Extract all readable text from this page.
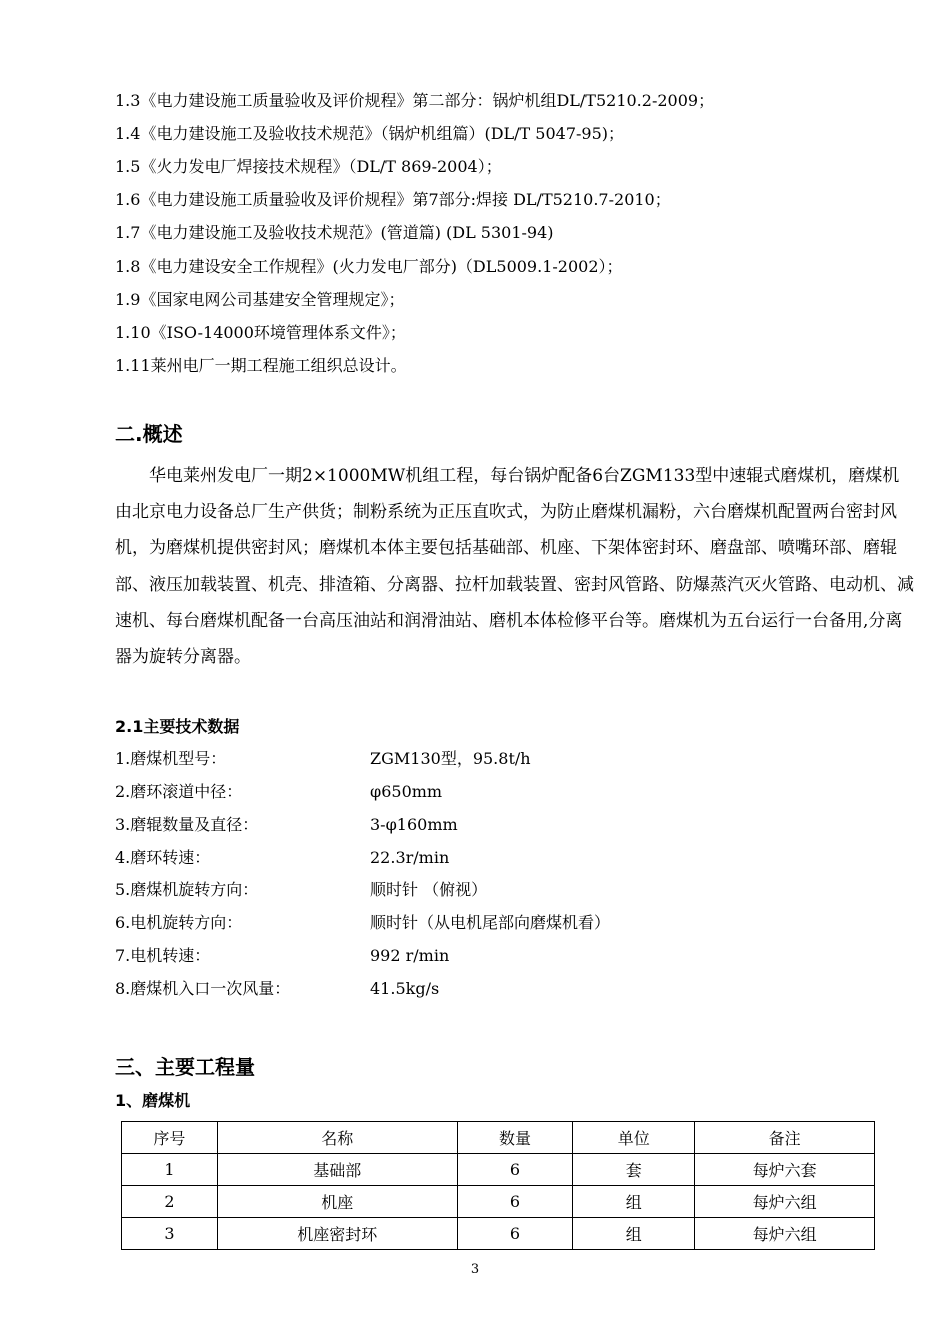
1.3《电力建设施工质量验收及评价规程》第二部分：锅炉机组DL/T5210.2-2009；
1.4《电力建设施工及验收技术规范》（锅炉机组篇）(DL/T 5047-95)；
1.5《火力发电厂焊接技术规程》（DL/T 869-2004）；
1.6《电力建设施工质量验收及评价规程》第7部分:焊接 DL/T5210.7-2010；
1.7《电力建设施工及验收技术规范》(管道篇) (DL 5301-94)
1.8《电力建设安全工作规程》(火力发电厂部分)（DL5009.1-2002）；
1.9《国家电网公司基建安全管理规定》；
1.10《ISO-14000环境管理体系文件》；
1.11莱州电厂一期工程施工组织总设计。
二.概述
华电莱州发电厂一期2×1000MW机组工程，每台锅炉配备6台ZGM133型中速辊式磨煤机，磨煤机由北京电力设备总厂生产供货；制粉系统为正压直吹式，为防止磨煤机漏粉，六台磨煤机配置两台密封风机，为磨煤机提供密封风；磨煤机本体主要包括基础部、机座、下架体密封环、磨盘部、喷嘴环部、磨辊部、液压加载装置、机壳、排渣箱、分离器、拉杆加载装置、密封风管路、防爆蒸汽灭火管路、电动机、减速机、每台磨煤机配备一台高压油站和润滑油站、磨机本体检修平台等。磨煤机为五台运行一台备用,分离器为旋转分离器。
2.1主要技术数据
1.磨煤机型号：	ZGM130型，95.8t/h
2.磨环滚道中径：	φ650mm
3.磨辊数量及直径：	3-φ160mm
4.磨环转速：	22.3r/min
5.磨煤机旋转方向：	顺时针 （俯视）
6.电机旋转方向：	顺时针（从电机尾部向磨煤机看）
7.电机转速：	992 r/min
8.磨煤机入口一次风量：	41.5kg/s
三、主要工程量
1、磨煤机
序号	名称	数量	单位	备注
1	基础部	6	套	每炉六套
2	机座	6	组	每炉六组
3	机座密封环	6	组	每炉六组
3
